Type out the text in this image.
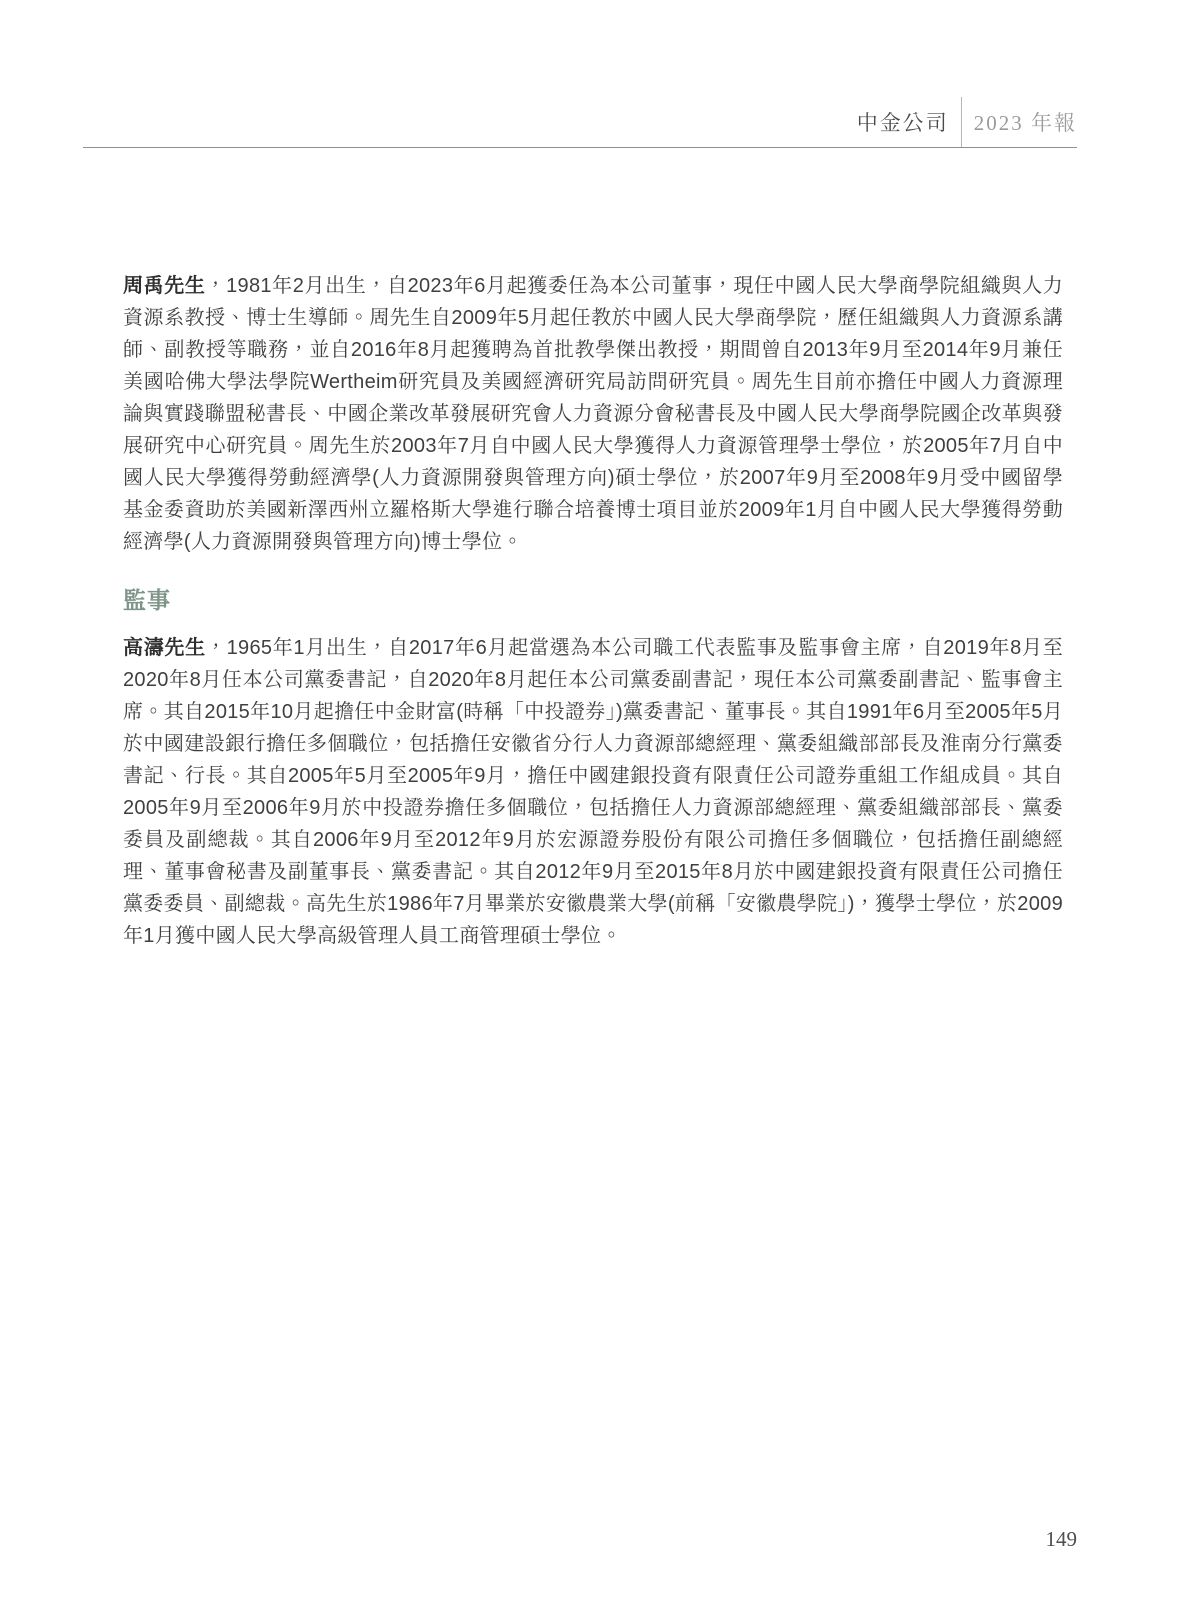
中金公司	2023 年報

周禹先生，1981年2月出生，自2023年6月起獲委任為本公司董事，現任中國人民大學商學院組織與人力資源系教授、博士生導師。周先生自2009年5月起任教於中國人民大學商學院，歷任組織與人力資源系講師、副教授等職務，並自2016年8月起獲聘為首批教學傑出教授，期間曾自2013年9月至2014年9月兼任美國哈佛大學法學院Wertheim研究員及美國經濟研究局訪問研究員。周先生目前亦擔任中國人力資源理論與實踐聯盟秘書長、中國企業改革發展研究會人力資源分會秘書長及中國人民大學商學院國企改革與發展研究中心研究員。周先生於2003年7月自中國人民大學獲得人力資源管理學士學位，於2005年7月自中國人民大學獲得勞動經濟學(人力資源開發與管理方向)碩士學位，於2007年9月至2008年9月受中國留學基金委資助於美國新澤西州立羅格斯大學進行聯合培養博士項目並於2009年1月自中國人民大學獲得勞動經濟學(人力資源開發與管理方向)博士學位。

監事

高濤先生，1965年1月出生，自2017年6月起當選為本公司職工代表監事及監事會主席，自2019年8月至2020年8月任本公司黨委書記，自2020年8月起任本公司黨委副書記，現任本公司黨委副書記、監事會主席。其自2015年10月起擔任中金財富(時稱「中投證券」)黨委書記、董事長。其自1991年6月至2005年5月於中國建設銀行擔任多個職位，包括擔任安徽省分行人力資源部總經理、黨委組織部部長及淮南分行黨委書記、行長。其自2005年5月至2005年9月，擔任中國建銀投資有限責任公司證券重組工作組成員。其自2005年9月至2006年9月於中投證券擔任多個職位，包括擔任人力資源部總經理、黨委組織部部長、黨委委員及副總裁。其自2006年9月至2012年9月於宏源證券股份有限公司擔任多個職位，包括擔任副總經理、董事會秘書及副董事長、黨委書記。其自2012年9月至2015年8月於中國建銀投資有限責任公司擔任黨委委員、副總裁。高先生於1986年7月畢業於安徽農業大學(前稱「安徽農學院」)，獲學士學位，於2009年1月獲中國人民大學高級管理人員工商管理碩士學位。

149
